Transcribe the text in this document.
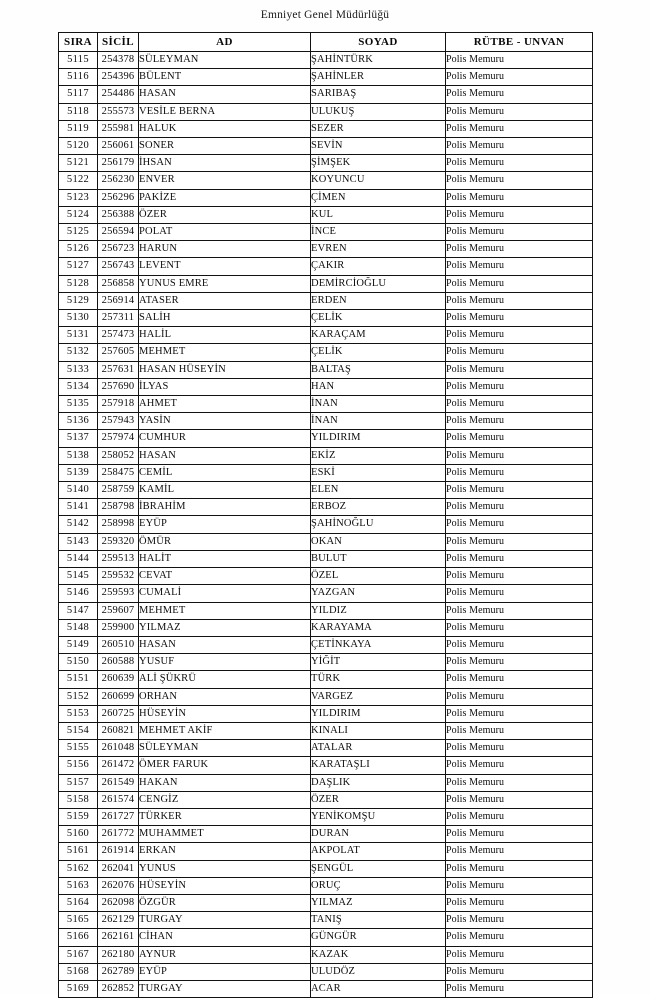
Emniyet Genel Müdürlüğü
SIRA	SİCİL	AD	SOYAD	RÜTBE - UNVAN
5115	254378	SÜLEYMAN	ŞAHİNTÜRK	Polis Memuru
5116	254396	BÜLENT	ŞAHİNLER	Polis Memuru
5117	254486	HASAN	SARIBAŞ	Polis Memuru
5118	255573	VESİLE BERNA	ULUKUŞ	Polis Memuru
5119	255981	HALUK	SEZER	Polis Memuru
5120	256061	SONER	SEVİN	Polis Memuru
5121	256179	İHSAN	ŞİMŞEK	Polis Memuru
5122	256230	ENVER	KOYUNCU	Polis Memuru
5123	256296	PAKİZE	ÇİMEN	Polis Memuru
5124	256388	ÖZER	KUL	Polis Memuru
5125	256594	POLAT	İNCE	Polis Memuru
5126	256723	HARUN	EVREN	Polis Memuru
5127	256743	LEVENT	ÇAKIR	Polis Memuru
5128	256858	YUNUS EMRE	DEMİRCİOĞLU	Polis Memuru
5129	256914	ATASER	ERDEN	Polis Memuru
5130	257311	SALİH	ÇELİK	Polis Memuru
5131	257473	HALİL	KARAÇAM	Polis Memuru
5132	257605	MEHMET	ÇELİK	Polis Memuru
5133	257631	HASAN HÜSEYİN	BALTAŞ	Polis Memuru
5134	257690	İLYAS	HAN	Polis Memuru
5135	257918	AHMET	İNAN	Polis Memuru
5136	257943	YASİN	İNAN	Polis Memuru
5137	257974	CUMHUR	YILDIRIM	Polis Memuru
5138	258052	HASAN	EKİZ	Polis Memuru
5139	258475	CEMİL	ESKİ	Polis Memuru
5140	258759	KAMİL	ELEN	Polis Memuru
5141	258798	İBRAHİM	ERBOZ	Polis Memuru
5142	258998	EYÜP	ŞAHİNOĞLU	Polis Memuru
5143	259320	ÖMÜR	OKAN	Polis Memuru
5144	259513	HALİT	BULUT	Polis Memuru
5145	259532	CEVAT	ÖZEL	Polis Memuru
5146	259593	CUMALİ	YAZGAN	Polis Memuru
5147	259607	MEHMET	YILDIZ	Polis Memuru
5148	259900	YILMAZ	KARAYAMA	Polis Memuru
5149	260510	HASAN	ÇETİNKAYA	Polis Memuru
5150	260588	YUSUF	YİĞİT	Polis Memuru
5151	260639	ALİ ŞÜKRÜ	TÜRK	Polis Memuru
5152	260699	ORHAN	VARGEZ	Polis Memuru
5153	260725	HÜSEYİN	YILDIRIM	Polis Memuru
5154	260821	MEHMET AKİF	KINALI	Polis Memuru
5155	261048	SÜLEYMAN	ATALAR	Polis Memuru
5156	261472	ÖMER FARUK	KARATAŞLI	Polis Memuru
5157	261549	HAKAN	DAŞLIK	Polis Memuru
5158	261574	CENGİZ	ÖZER	Polis Memuru
5159	261727	TÜRKER	YENİKOMŞU	Polis Memuru
5160	261772	MUHAMMET	DURAN	Polis Memuru
5161	261914	ERKAN	AKPOLAT	Polis Memuru
5162	262041	YUNUS	ŞENGÜL	Polis Memuru
5163	262076	HÜSEYİN	ORUÇ	Polis Memuru
5164	262098	ÖZGÜR	YILMAZ	Polis Memuru
5165	262129	TURGAY	TANIŞ	Polis Memuru
5166	262161	CİHAN	GÜNGÜR	Polis Memuru
5167	262180	AYNUR	KAZAK	Polis Memuru
5168	262789	EYÜP	ULUDÖZ	Polis Memuru
5169	262852	TURGAY	ACAR	Polis Memuru
